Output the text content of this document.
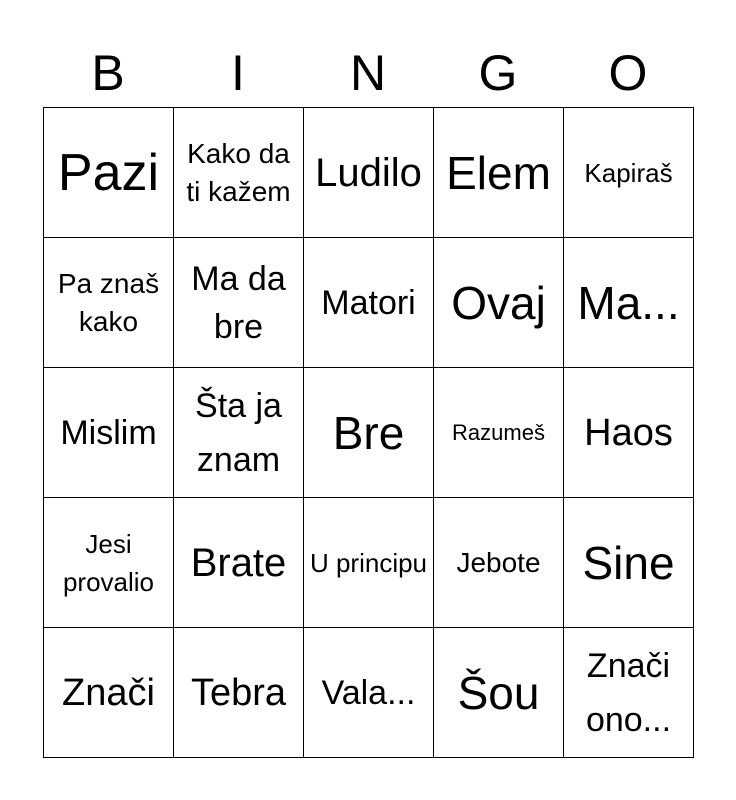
B	I	N	G	O
Pazi	Kako da ti kažem	Ludilo	Elem	Kapiraš
Pa znaš kako	Ma da bre	Matori	Ovaj	Ma...
Mislim	Šta ja znam	Bre	Razumeš	Haos
Jesi provalio	Brate	U principu	Jebote	Sine
Znači	Tebra	Vala...	Šou	Znači ono...
